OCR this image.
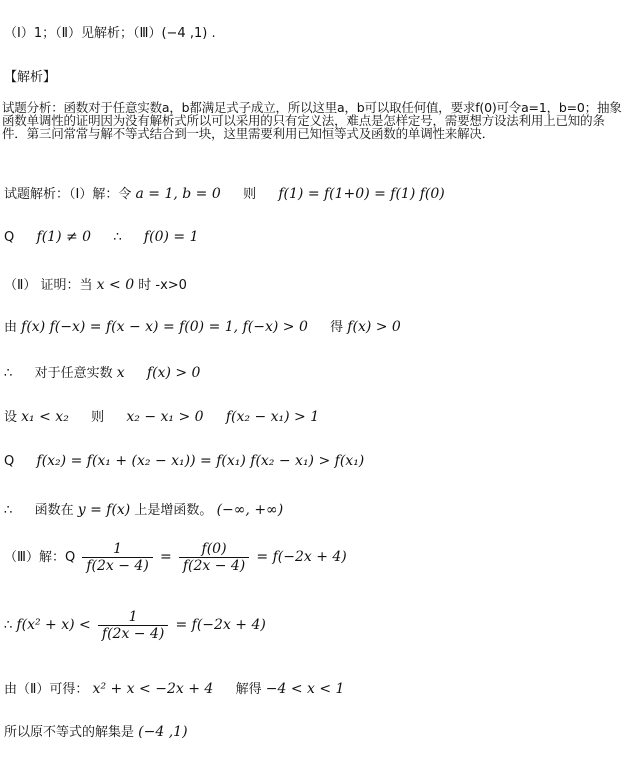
（Ⅰ）1；（Ⅱ）见解析；（Ⅲ）(−4 ,1) .
【解析】
试题分析：函数对于任意实数a，b都满足式子成立，所以这里a，b可以取任何值，要求f(0)可令a=1，b=0；抽象函数单调性的证明因为没有解析式所以可以采用的只有定义法，难点是怎样定号，需要想方设法利用上已知的条件．第三问常常与解不等式结合到一块，这里需要利用已知恒等式及函数的单调性来解决．
试题解析：（Ⅰ）解：令 a = 1, b = 0 则 f(1) = f(1+0) = f(1) f(0)
Q f(1) ≠ 0 ∴ f(0) = 1
（Ⅱ） 证明：当 x < 0 时 -x>0
由 f(x) f(−x) = f(x − x) = f(0) = 1, f(−x) > 0 得 f(x) > 0
∴ 对于任意实数 x f(x) > 0
设 x₁ < x₂ 则 x₂ − x₁ > 0 f(x₂ − x₁) > 1
Q f(x₂) = f(x₁ + (x₂ − x₁)) = f(x₁) f(x₂ − x₁) > f(x₁)
∴ 函数在 y = f(x) 上是增函数。 (−∞, +∞)
（Ⅲ）解：Q $\frac{1}{f(2x - 4)} = \frac{f(0)}{f(2x - 4)} = f(-2x + 4)$
∴ $f(x^2 + x) < \frac{1}{f(2x - 4)} = f(-2x + 4)$
由（Ⅱ）可得： x² + x < −2x + 4 解得 −4 < x < 1
所以原不等式的解集是 (−4 ,1)
